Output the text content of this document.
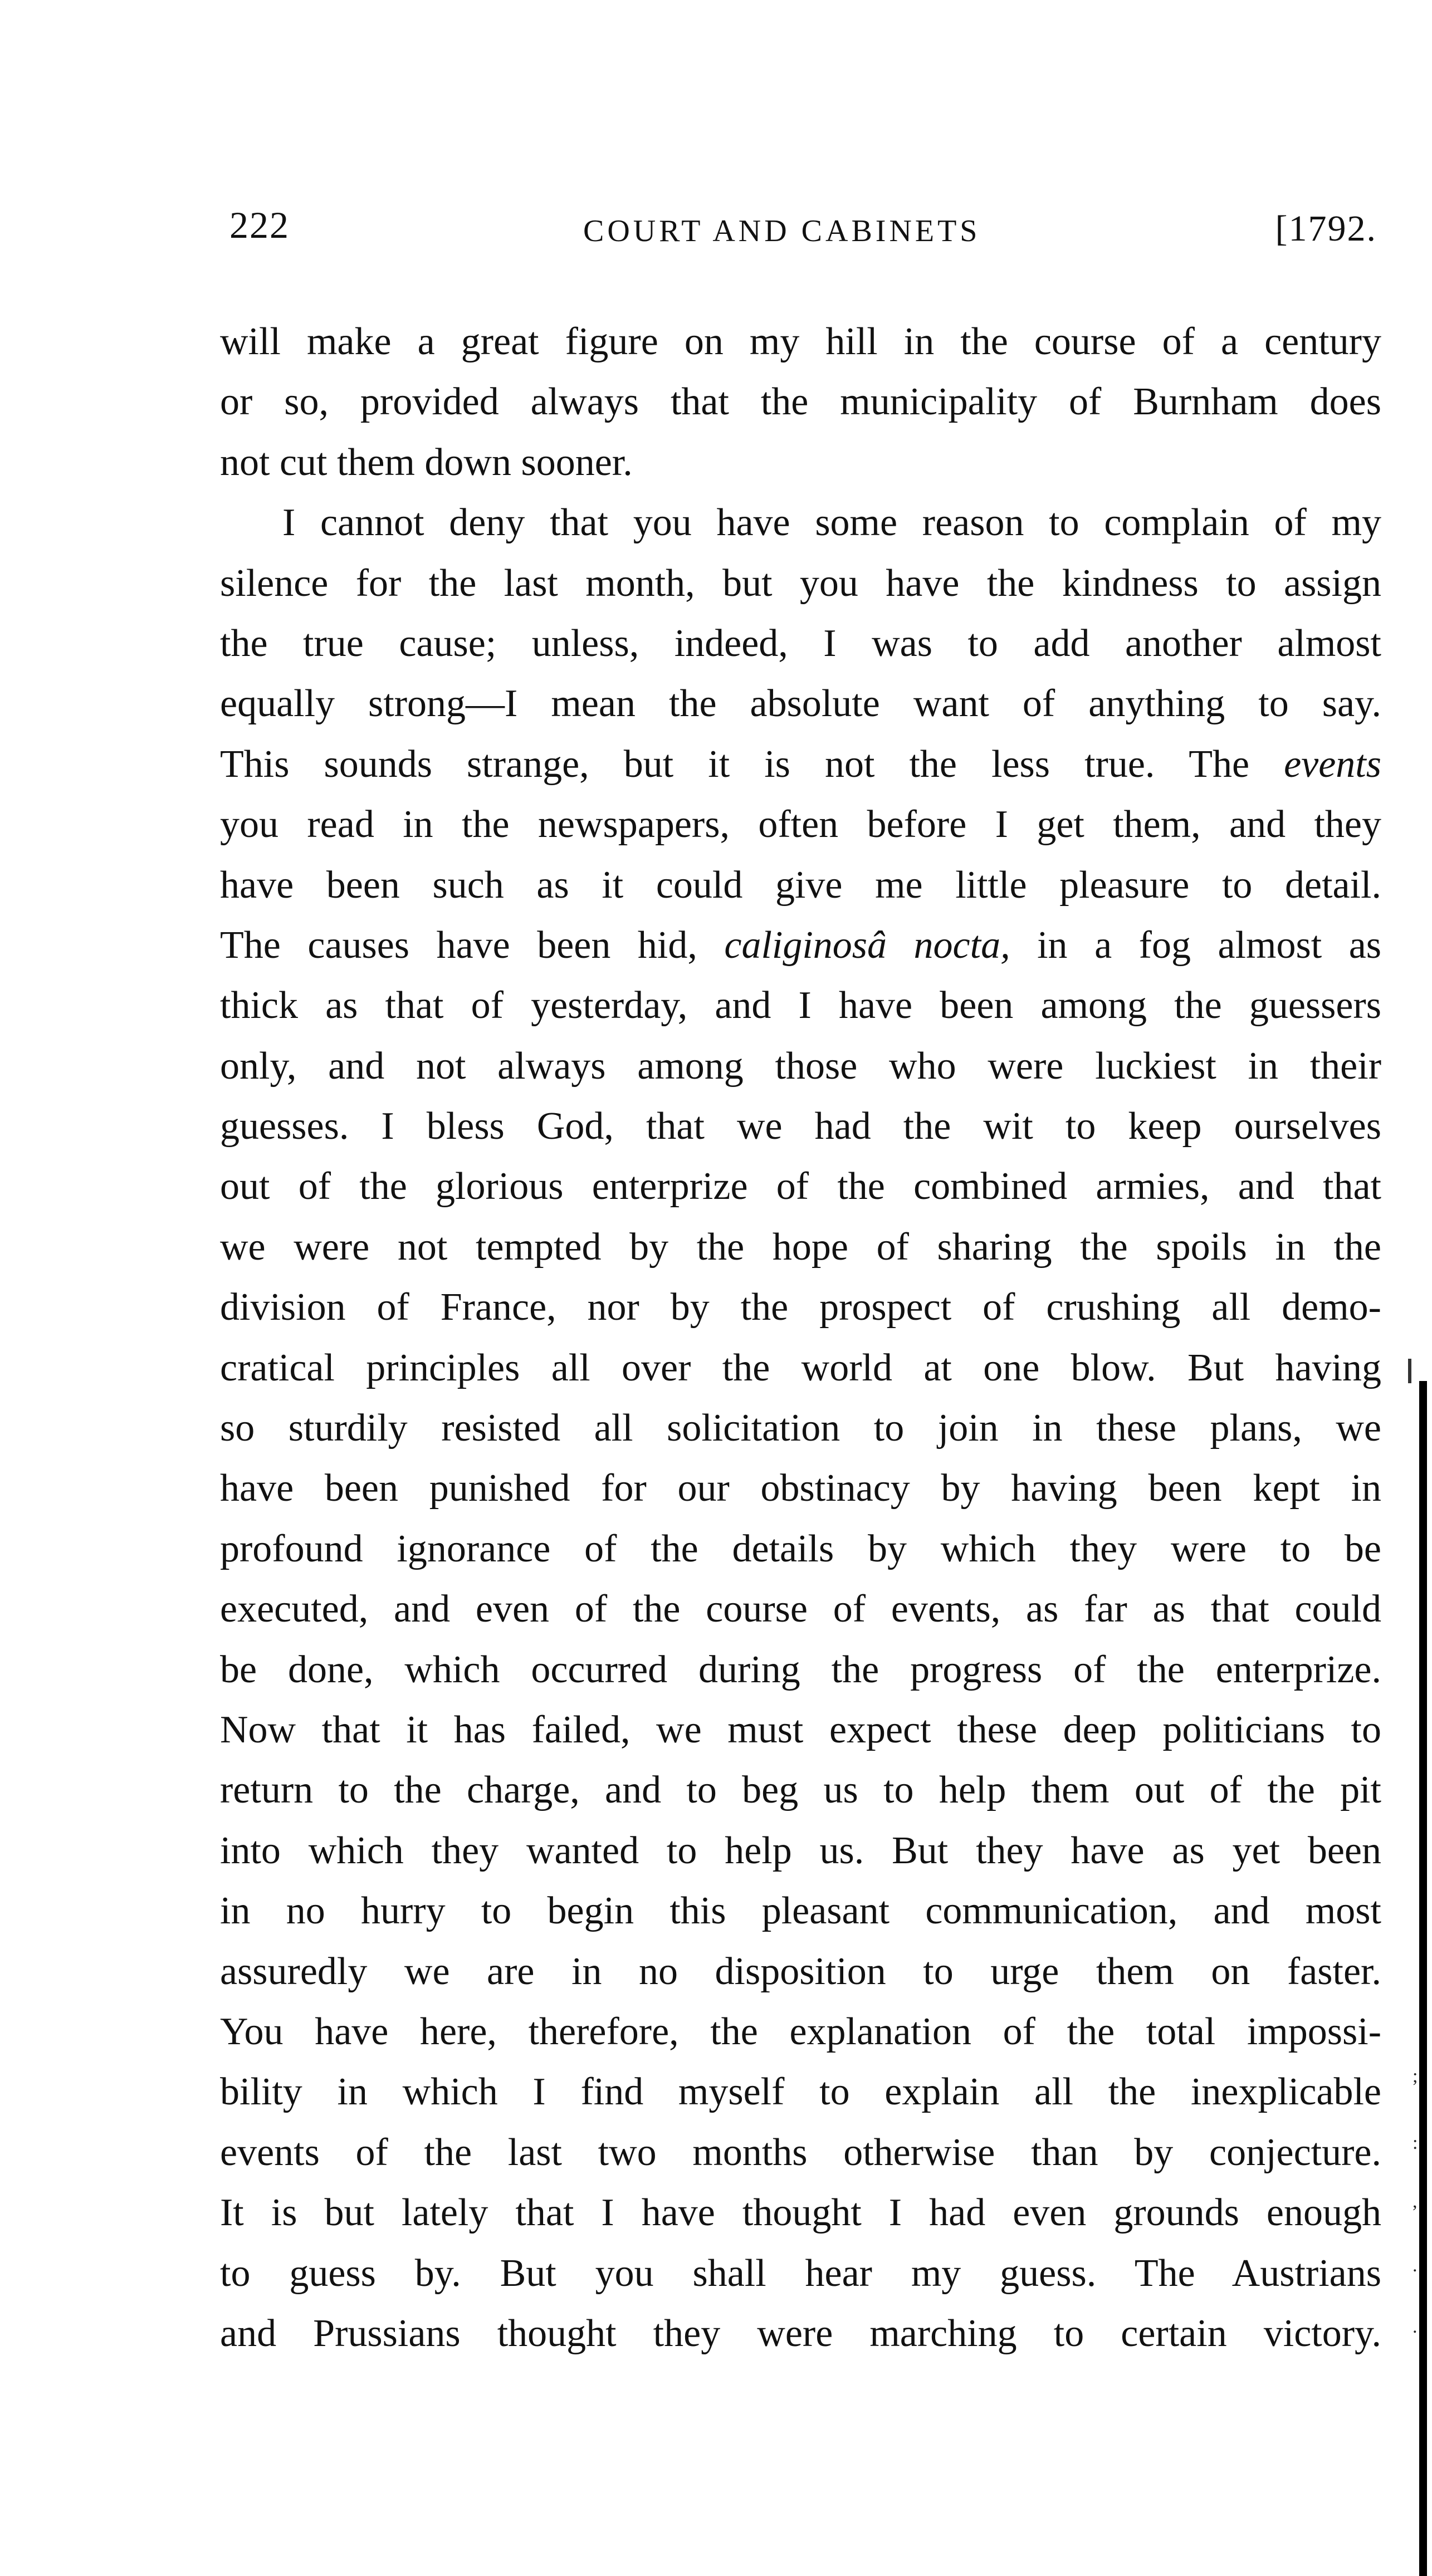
222	COURT AND CABINETS	[1792.
will make a great figure on my hill in the course of a century
or so, provided always that the municipality of Burnham does
not cut them down sooner.
I cannot deny that you have some reason to complain of my
silence for the last month, but you have the kindness to assign
the true cause; unless, indeed, I was to add another almost
equally strong—I mean the absolute want of anything to say.
This sounds strange, but it is not the less true. The events
you read in the newspapers, often before I get them, and they
have been such as it could give me little pleasure to detail.
The causes have been hid, caliginosâ nocta, in a fog almost as
thick as that of yesterday, and I have been among the guessers
only, and not always among those who were luckiest in their
guesses. I bless God, that we had the wit to keep ourselves
out of the glorious enterprize of the combined armies, and that
we were not tempted by the hope of sharing the spoils in the
division of France, nor by the prospect of crushing all demo-
cratical principles all over the world at one blow. But having
so sturdily resisted all solicitation to join in these plans, we
have been punished for our obstinacy by having been kept in
profound ignorance of the details by which they were to be
executed, and even of the course of events, as far as that could
be done, which occurred during the progress of the enterprize.
Now that it has failed, we must expect these deep politicians to
return to the charge, and to beg us to help them out of the pit
into which they wanted to help us. But they have as yet been
in no hurry to begin this pleasant communication, and most
assuredly we are in no disposition to urge them on faster.
You have here, therefore, the explanation of the total impossi-
bility in which I find myself to explain all the inexplicable
events of the last two months otherwise than by conjecture.
It is but lately that I have thought I had even grounds enough
to guess by. But you shall hear my guess. The Austrians
and Prussians thought they were marching to certain victory.
;
:
,
.
.
